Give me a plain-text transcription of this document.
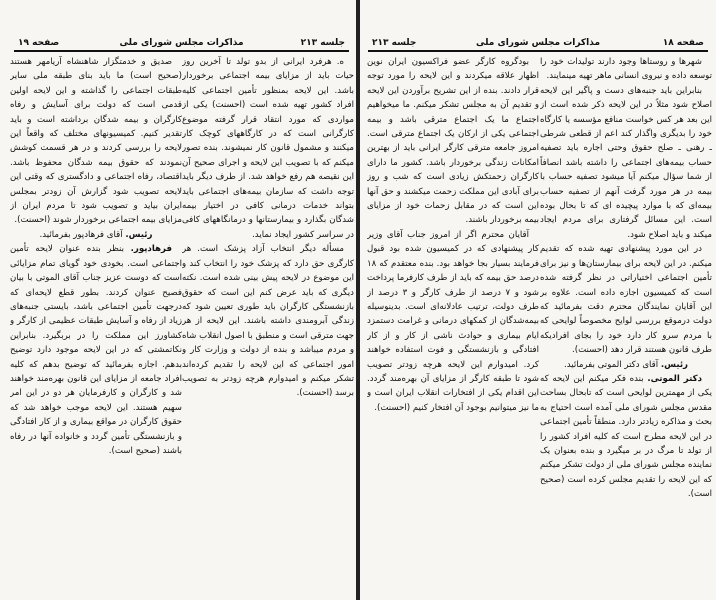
صفحه ۱۹	مذاکرات مجلس شورای ملی	جلسه ۲۱۳	جلسه ۲۱۳	مذاکرات مجلس شورای ملی	صفحه ۱۸

صدیق و خدمتگزار شاهنشاه آریامهر هستند (صحیح است) ما باید بنای طبقه ملی سایر طبقات اجتماعی را گذاشته و این لایحه اولین قدمی است که دولت برای آسایش و رفاه کارگران و بیمه شدگان برداشته است و باید تقدیر کنیم. کمیسیونهای مختلف که واقعاً این لایحه را بررسی کردند و در هر قسمت کوشش نمودند که حقوق بیمه شدگان محفوظ باشد. اقتصاد، رفاه اجتماعی و دادگستری که وقتی این لایحه تصویب شود گزارش آن زودتر بمجلس ایران بیاید و تصویب شود تا مردم ایران از مزایای بیمه اجتماعی برخوردار شوند (احسنت).

رئیس. آقای فرهادپور بفرمائید.

فرهادپور. بنظر بنده عنوان لایحه تأمین اجتماعی است. بخودی خود گویای تمام مزایائی است که دوست عزیز جناب آقای الموتی با بیان فصیح عنوان کردند. بطور قطع لایحه‌ای که درجهت تأمین اجتماعی باشد، بایستی جنبه‌های زیاد از رفاه و آسایش طبقات عظیمی از کارگر و کشاورز این مملکت را در بربگیرد. بنابراین نکاتمشتی که در این لایحه موجود دارد توضیح بدهم. اجازه بفرمائید که توضیح بدهم که کلیه افراد جامعه از مزایای این قانون بهره‌مند خواهند شد و کارگران و کارفرمایان هر دو در این امر سهیم هستند. این لایحه موجب خواهد شد که حقوق کارگران در مواقع بیماری و از کار افتادگی و بازنشستگی تأمین گردد و خانواده آنها در رفاه باشند (صحیح است).

ه. هرفرد ایرانی از بدو تولد تا آخرین روز حیات باید از مزایای بیمه اجتماعی برخوردار باشد. این لایحه بمنظور تأمین اجتماعی کلیه افراد کشور تهیه شده است (احسنت) یکی از مواردی که مورد انتقاد قرار گرفته موضوع کارگرانی است که در کارگاههای کوچک کار میکنند و مشمول قانون کار نمیشوند. بنده تصور میکنم که با تصویب این لایحه و اجرای صحیح آن این نقیصه هم رفع خواهد شد. از طرف دیگر باید توجه داشت که سازمان بیمه‌های اجتماعی باید بتواند خدمات درمانی کافی در اختیار بیمه شدگان بگذارد و بیمارستانها و درمانگاههای کافی در سراسر کشور ایجاد نماید.

مسأله دیگر انتخاب آزاد پزشک است. هر کارگری حق دارد که پزشک خود را انتخاب کند و این موضوع در لایحه پیش بینی شده است. نکته دیگری که باید عرض کنم این است که حقوق بازنشستگی کارگران باید طوری تعیین شود که زندگی آبرومندی داشته باشند. این لایحه از هر جهت مترقی است و منطبق با اصول انقلاب شاه و مردم میباشد و بنده از دولت و وزارت کار و امور اجتماعی که این لایحه را تقدیم کرده‌اند تشکر میکنم و امیدوارم هرچه زودتر به تصویب برسد (احسنت).

بودگروه کارگر عضو فراکسیون ایران نوین اظهار علاقه میکردند و این لایحه را مورد توجه قرار دادند. بنده از این تشریح برآوردن این لایحه و تقدیم آن به مجلس تشکر میکنم. ما میخواهیم اجتماع ما یک اجتماع مترقی باشد و بیمه اجتماعی یکی از ارکان یک اجتماع مترقی است. امروز جامعه مترقی کارگر ایرانی باید از بهترین امکانات زندگی برخوردار باشد. کشور ما دارای کارگران زحمتکش زیادی است که شب و روز برای آبادی این مملکت زحمت میکشند و حق آنها این است که در مقابل زحمات خود از مزایای بیمه برخوردار باشند.

آقایان محترم اگر از امروز جناب آقای وزیر کار پیشنهادی که در کمیسیون شده بود قبول فرمایند بسیار بجا خواهد بود. بنده معتقدم که ۱۸ درصد حق بیمه که باید از طرف کارفرما پرداخت شود و ۷ درصد از طرف کارگر و ۳ درصد از طرف دولت، ترتیب عادلانه‌ای است. بدینوسیله بیمه‌شدگان از کمکهای درمانی و غرامت دستمزد ایام بیماری و حوادث ناشی از کار و از کار افتادگی و بازنشستگی و فوت استفاده خواهند کرد. امیدوارم این لایحه هرچه زودتر تصویب شود تا طبقه کارگر از مزایای آن بهره‌مند گردد. این اقدام یکی از افتخارات انقلاب ایران است و ما نیز میتوانیم بوجود آن افتخار کنیم (احسنت).

شهرها و روستاها وجود دارند تولیدات خود را توسعه داده و نیروی انسانی ماهر تهیه مینمایند.

بنابراین باید جنبه‌های دست و پاگیر این لایحه اصلاح شود مثلاً در این لایحه ذکر شده است از این بعد هر کس خواست منافع مؤسسه یا کارگاه خود را بدیگری واگذار کند اعم از قطعی شرطی ـ رهنی ـ صلح حقوق وحتی اجاره باید تصفیه حساب بیمه‌های اجتماعی را داشته باشد انصافاً از شما سؤال میکنم آیا میشود تصفیه حساب با بیمه در هر مورد گرفت آنهم از تصفیه حساب بیمه‌ای که با موارد پیچیده ای که تا بحال بوده است. این مسائل گرفتاری برای مردم ایجاد میکند و باید اصلاح شود.

در این مورد پیشنهادی تهیه شده که تقدیم میکنم. در این لایحه برای بیمارستان‌ها و نیز برای تأمین اجتماعی اختیاراتی در نظر گرفته شده است که کمیسیون اجازه داده است. علاوه بر این آقایان نمایندگان محترم دقت بفرمائید که دولت درموقع بررسی لوایح مخصوصاً لوایحی که با مردم سرو کار دارد خود را بجای افرادیکه طرف قانون هستند قرار دهد (احسنت).

رئیس. آقای دکتر الموتی بفرمائید.

دکتر الموتی. بنده فکر میکنم این لایحه که یکی از مهمترین لوایحی است که تابحال بساحت مقدس مجلس شورای ملی آمده است احتیاج به بحث و مذاکره زیادتر دارد. منطقاً تأمین اجتماعی در این لایحه مطرح است که کلیه افراد کشور را از تولد تا مرگ در بر میگیرد و بنده بعنوان یک نماینده مجلس شورای ملی از دولت تشکر میکنم که این لایحه را تقدیم مجلس کرده است (صحیح است).
